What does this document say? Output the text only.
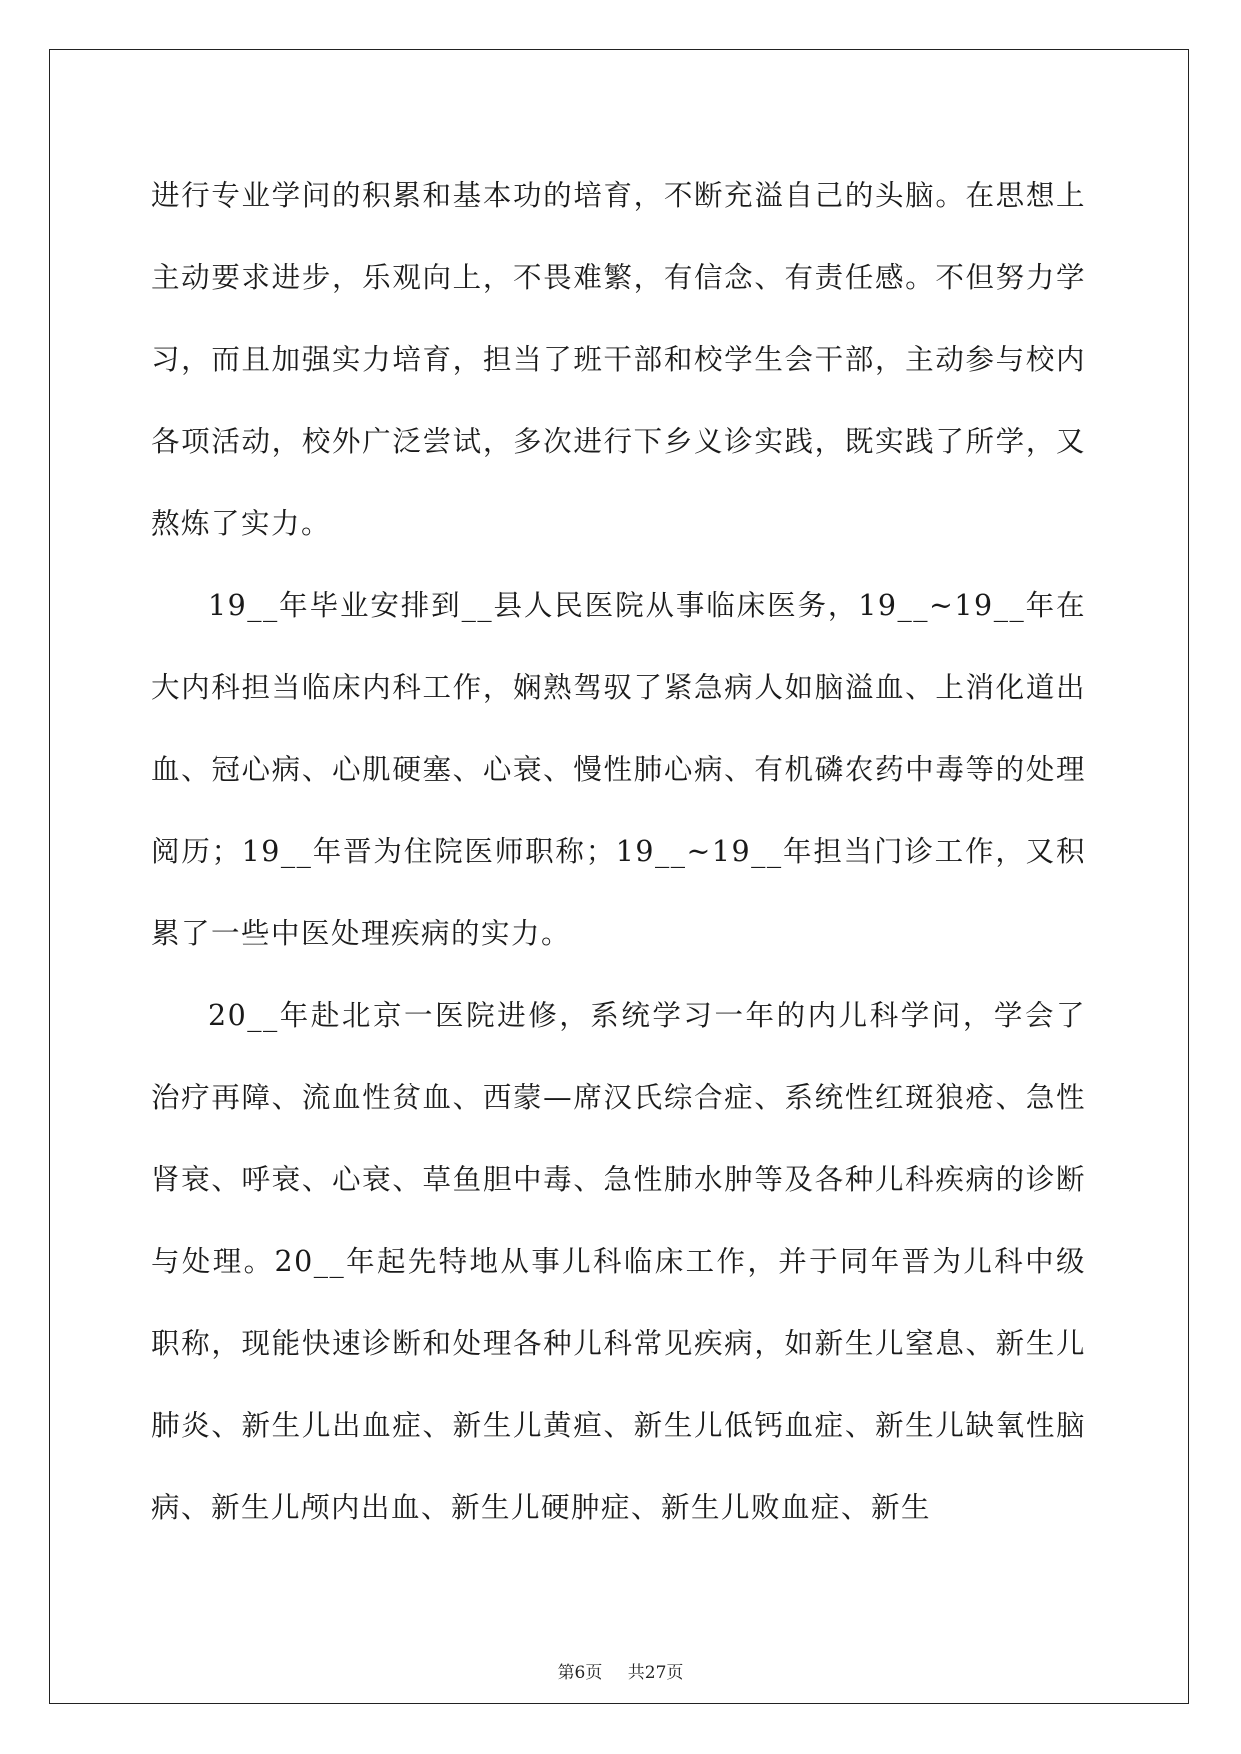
进行专业学问的积累和基本功的培育，不断充溢自己的头脑。在思想上主动要求进步，乐观向上，不畏难繁，有信念、有责任感。不但努力学习，而且加强实力培育，担当了班干部和校学生会干部，主动参与校内各项活动，校外广泛尝试，多次进行下乡义诊实践，既实践了所学，又熬炼了实力。

19__年毕业安排到__县人民医院从事临床医务，19__~19__年在大内科担当临床内科工作，娴熟驾驭了紧急病人如脑溢血、上消化道出血、冠心病、心肌硬塞、心衰、慢性肺心病、有机磷农药中毒等的处理阅历；19__年晋为住院医师职称；19__~19__年担当门诊工作，又积累了一些中医处理疾病的实力。

20__年赴北京一医院进修，系统学习一年的内儿科学问，学会了治疗再障、流血性贫血、西蒙—席汉氏综合症、系统性红斑狼疮、急性肾衰、呼衰、心衰、草鱼胆中毒、急性肺水肿等及各种儿科疾病的诊断与处理。20__年起先特地从事儿科临床工作，并于同年晋为儿科中级职称，现能快速诊断和处理各种儿科常见疾病，如新生儿窒息、新生儿肺炎、新生儿出血症、新生儿黄疸、新生儿低钙血症、新生儿缺氧性脑病、新生儿颅内出血、新生儿硬肿症、新生儿败血症、新生

第6页 共27页
